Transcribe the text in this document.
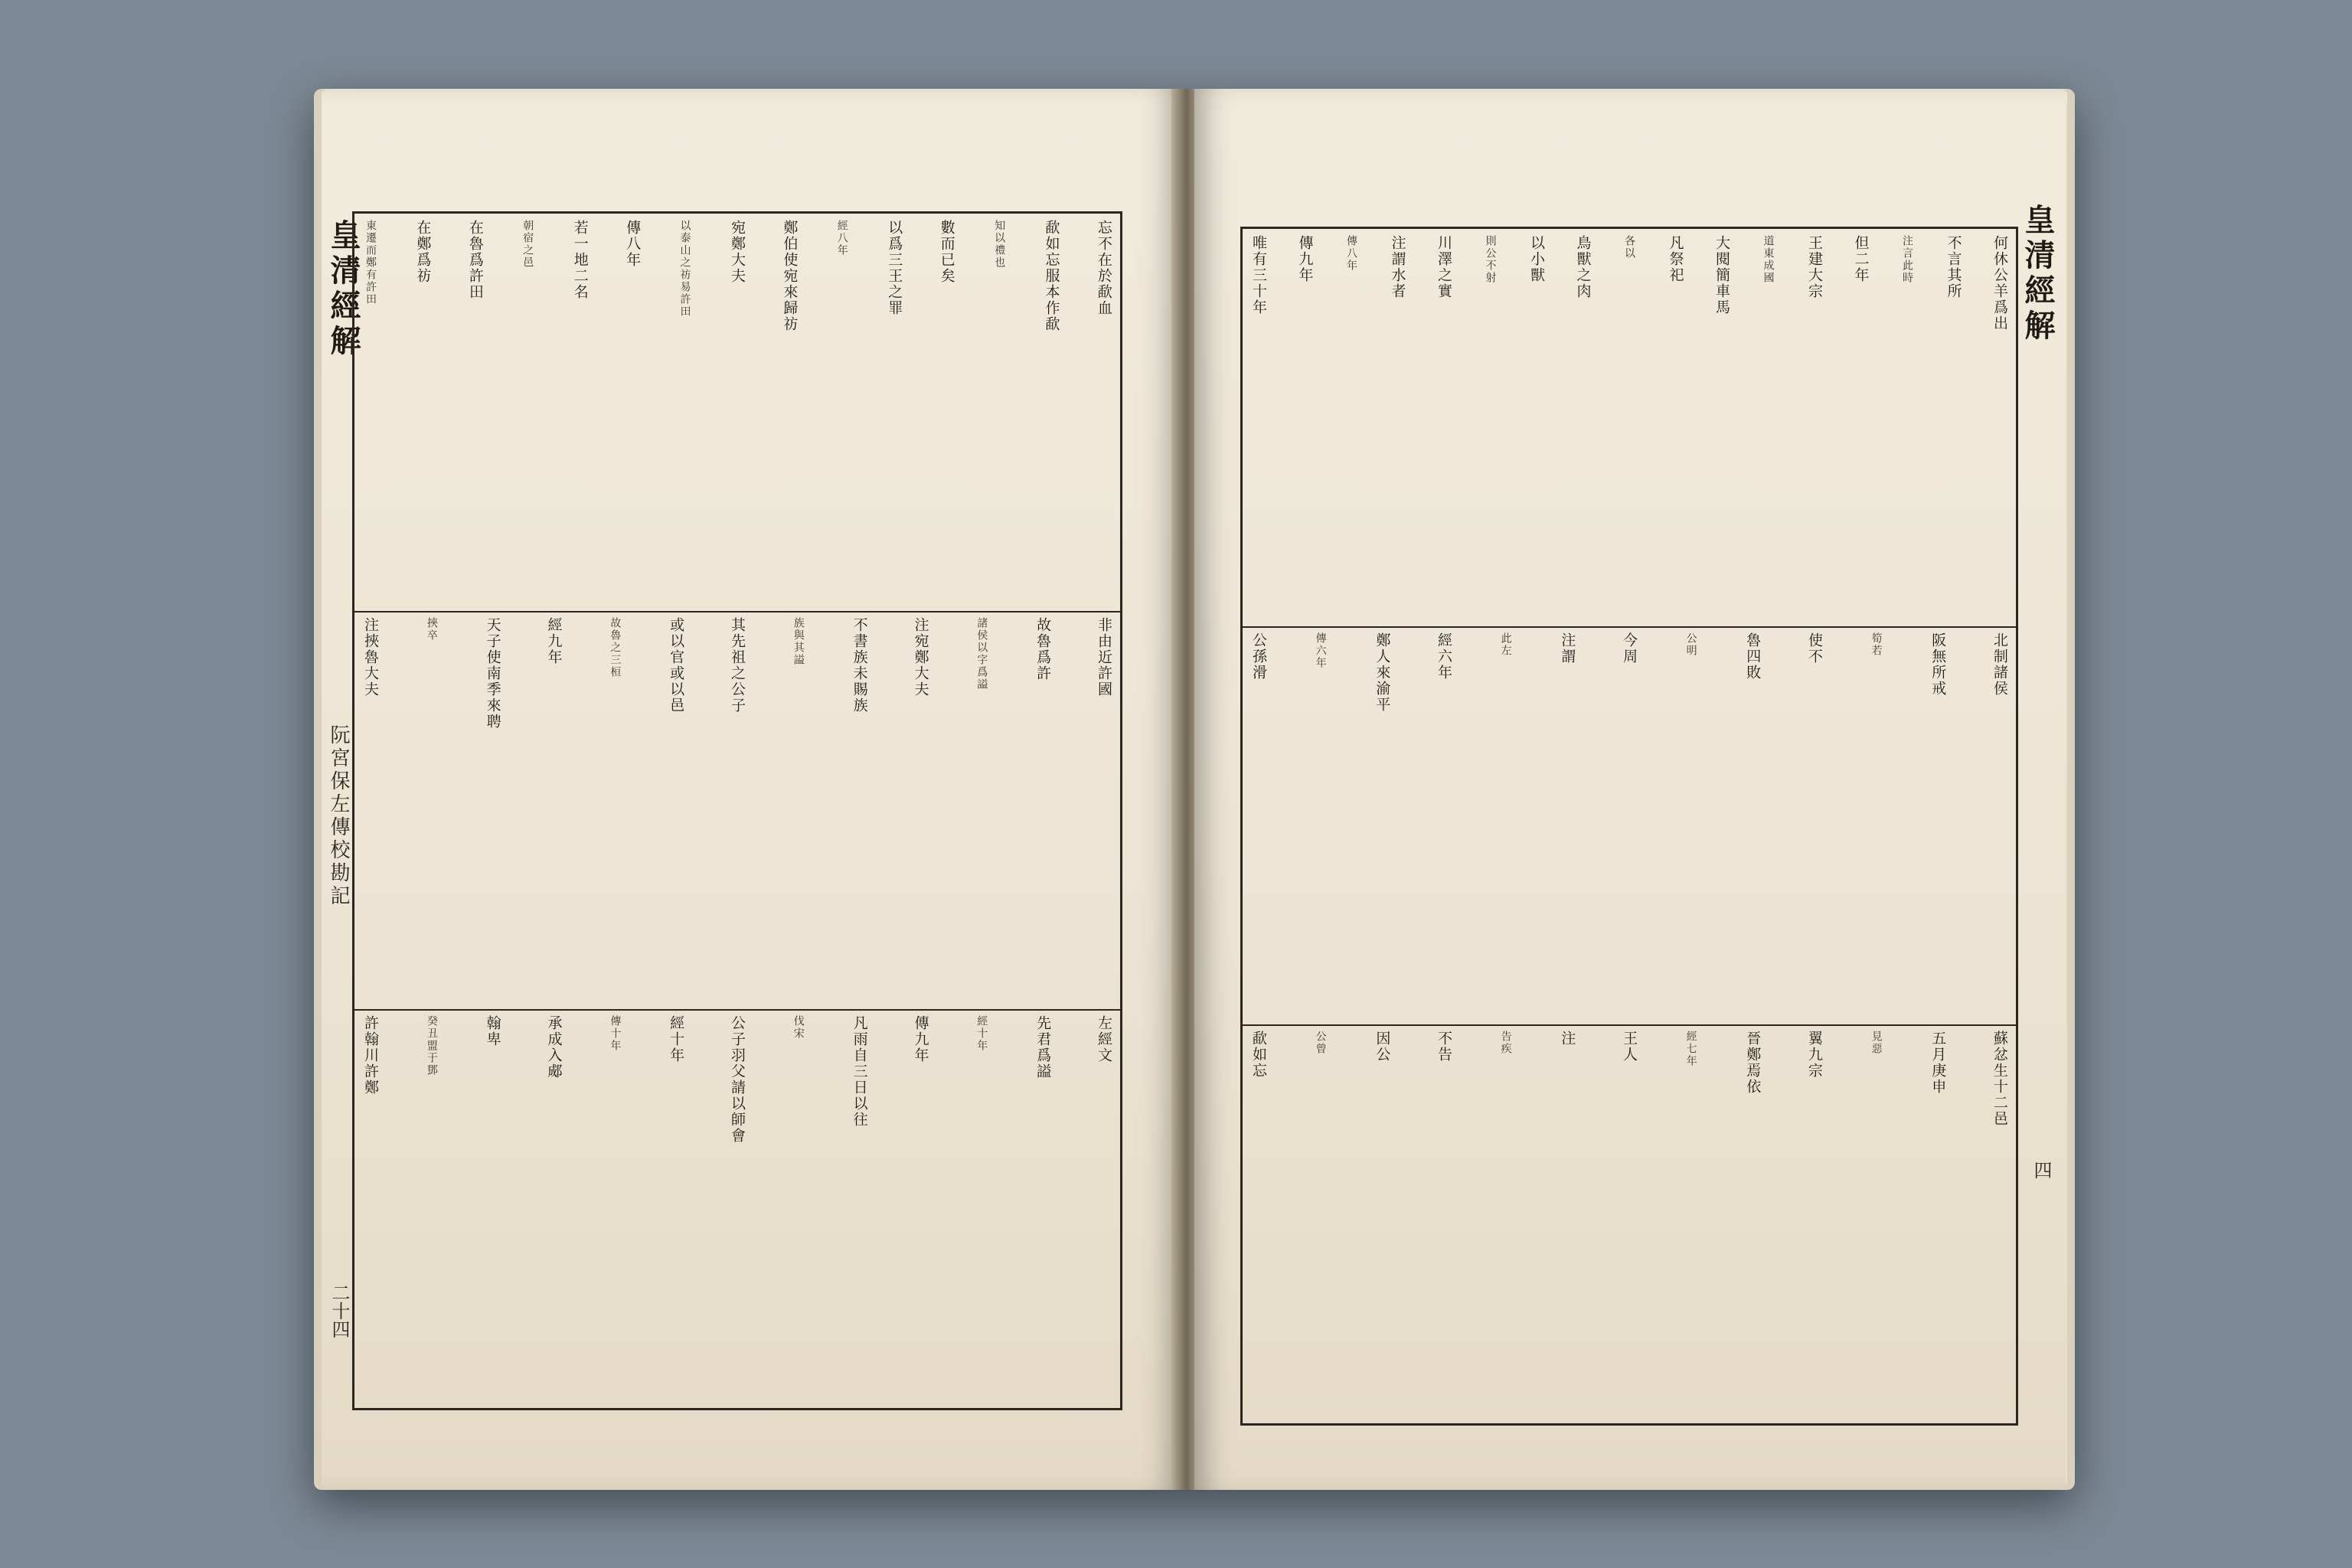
皇清經解
阮宮保左傳校勘記
二十四
忘不在於歃血
歃如忘服本作歃
知以禮也
數而已矣
以爲三王之罪
經八年
鄭伯使宛來歸祊
宛鄭大夫
以泰山之祊易許田
傳八年
若一地二名
朝宿之邑
在魯爲許田
在鄭爲祊
東遷而鄭有許田
非由近許國
故魯爲許
諸侯以字爲謚
注宛鄭大夫
不書族未賜族
族與其謚
其先祖之公子
或以官或以邑
故魯之三桓
經九年
天子使南季來聘
挾卒
注挾魯大夫
左經文
先君爲謚
經十年
傳九年
凡雨自三日以往
伐宋
公子羽父請以師會
經十年
傳十年
承成入郕
翰卑
癸丑盟于鄧
許翰川許鄭
皇清經解
四
何休公羊爲出
不言其所
注言此時
但二年
王建大宗
道東成國
大閱簡車馬
凡祭祀
各以
鳥獸之肉
以小獸
則公不射
川澤之實
注謂水者
傳八年
傳九年
唯有三十年
北制諸侯
阪無所戒
筍若
使不
魯四敗
公明
今周
注謂
此左
經六年
鄭人來渝平
傳六年
公孫滑
蘇忿生十二邑
五月庚申
見惡
翼九宗
晉鄭焉依
經七年
王人
注
告疾
不告
因公
公曾
歃如忘
